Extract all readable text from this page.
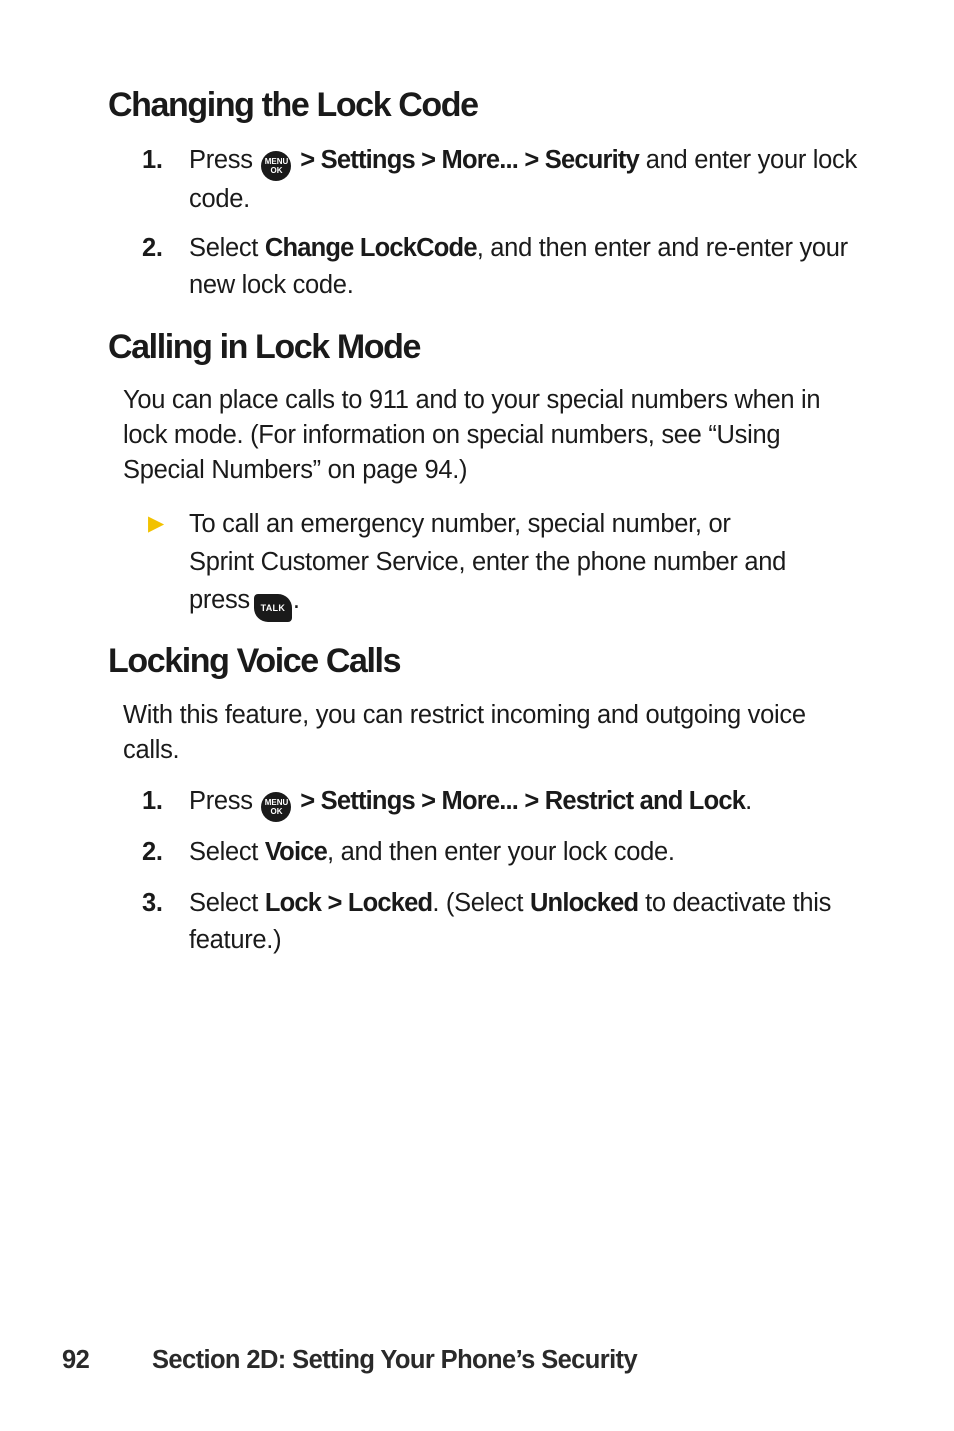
Changing the Lock Code
1.	Press MENU
OK > Settings > More... > Security and enter your lock code.
2.	Select Change LockCode, and then enter and re-enter your new lock code.
Calling in Lock Mode

You can place calls to 911 and to your special numbers when in lock mode. (For information on special numbers, see “Using Special Numbers” on page 94.)

▶ To call an emergency number, special number, or Sprint Customer Service, enter the phone number and press TALK .
Locking Voice Calls

With this feature, you can restrict incoming and outgoing voice calls.

1.	Press MENU
OK > Settings > More... > Restrict and Lock.
2.	Select Voice, and then enter your lock code.
3.	Select Lock > Locked. (Select Unlocked to deactivate this feature.)
92 Section 2D: Setting Your Phone’s Security
